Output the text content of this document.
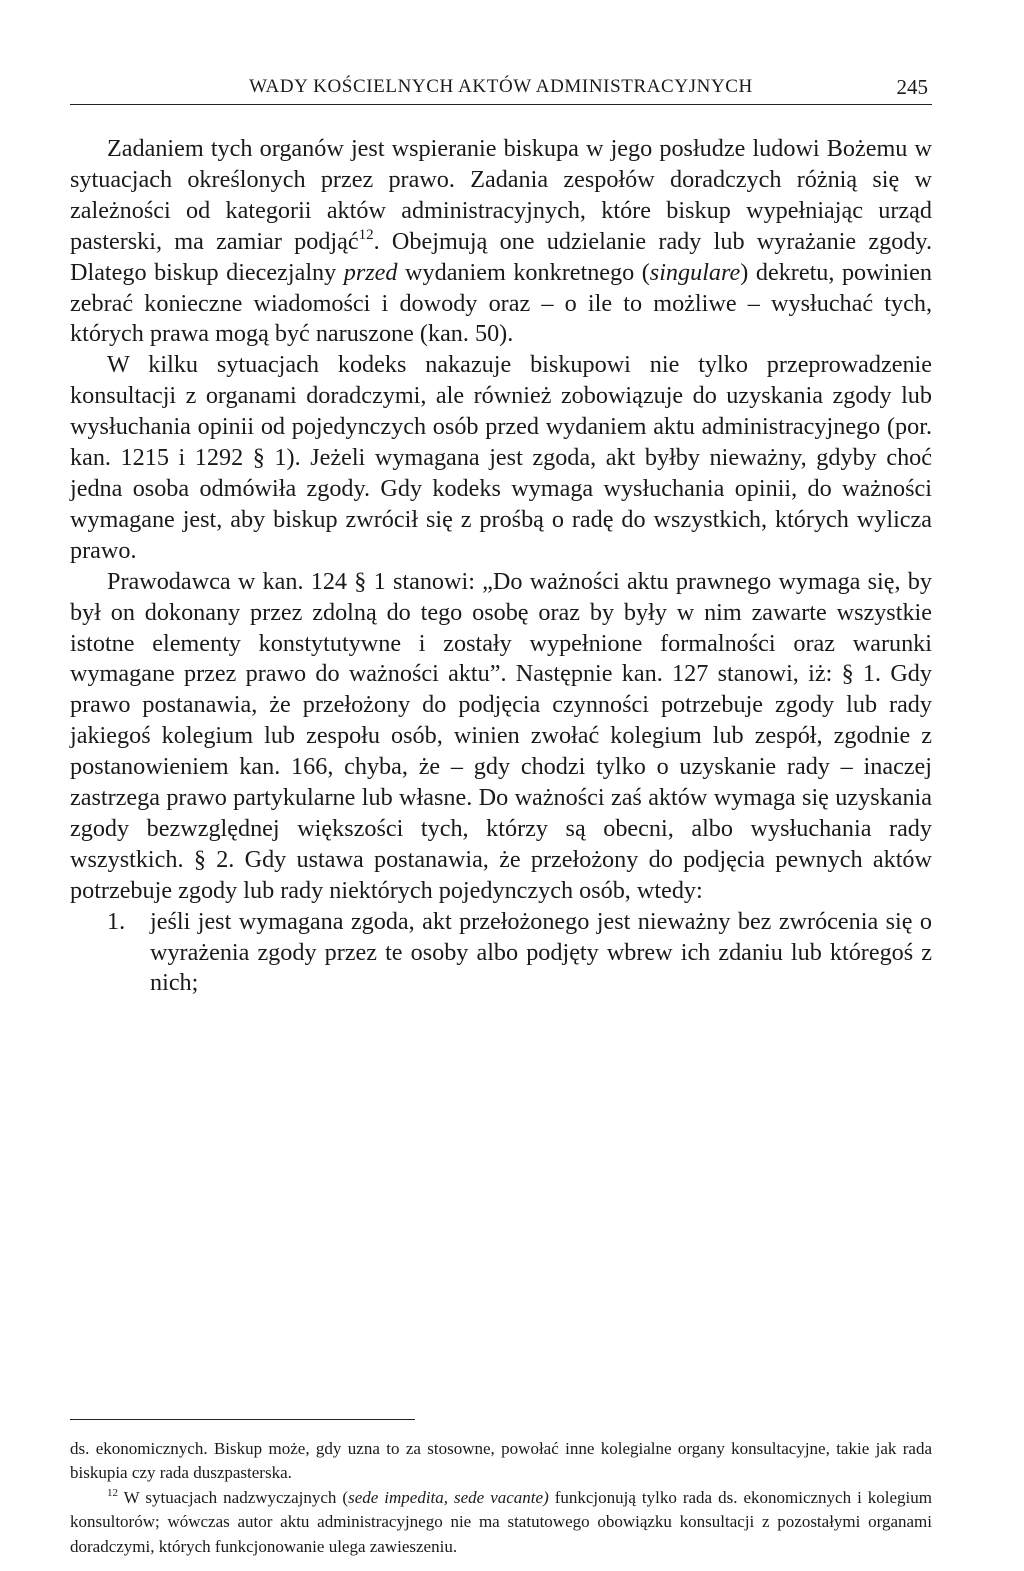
WADY KOŚCIELNYCH AKTÓW ADMINISTRACYJNYCH	245

Zadaniem tych organów jest wspieranie biskupa w jego posłudze ludowi Bożemu w sytuacjach określonych przez prawo. Zadania zespołów doradczych różnią się w zależności od kategorii aktów administracyjnych, które biskup wypełniając urząd pasterski, ma zamiar podjąć$^{12}$. Obejmują one udzielanie rady lub wyrażanie zgody. Dlatego biskup diecezjalny przed wydaniem konkretnego (singulare) dekretu, powinien zebrać konieczne wiadomości i dowody oraz – o ile to możliwe – wysłuchać tych, których prawa mogą być naruszone (kan. 50).

W kilku sytuacjach kodeks nakazuje biskupowi nie tylko przeprowadzenie konsultacji z organami doradczymi, ale również zobowiązuje do uzyskania zgody lub wysłuchania opinii od pojedynczych osób przed wydaniem aktu administracyjnego (por. kan. 1215 i 1292 § 1). Jeżeli wymagana jest zgoda, akt byłby nieważny, gdyby choć jedna osoba odmówiła zgody. Gdy kodeks wymaga wysłuchania opinii, do ważności wymagane jest, aby biskup zwrócił się z prośbą o radę do wszystkich, których wylicza prawo.

Prawodawca w kan. 124 § 1 stanowi: „Do ważności aktu prawnego wymaga się, by był on dokonany przez zdolną do tego osobę oraz by były w nim zawarte wszystkie istotne elementy konstytutywne i zostały wypełnione formalności oraz warunki wymagane przez prawo do ważności aktu”. Następnie kan. 127 stanowi, iż: § 1. Gdy prawo postanawia, że przełożony do podjęcia czynności potrzebuje zgody lub rady jakiegoś kolegium lub zespołu osób, winien zwołać kolegium lub zespół, zgodnie z postanowieniem kan. 166, chyba, że – gdy chodzi tylko o uzyskanie rady – inaczej zastrzega prawo partykularne lub własne. Do ważności zaś aktów wymaga się uzyskania zgody bezwzględnej większości tych, którzy są obecni, albo wysłuchania rady wszystkich. § 2. Gdy ustawa postanawia, że przełożony do podjęcia pewnych aktów potrzebuje zgody lub rady niektórych pojedynczych osób, wtedy:

1. jeśli jest wymagana zgoda, akt przełożonego jest nieważny bez zwrócenia się o wyrażenia zgody przez te osoby albo podjęty wbrew ich zdaniu lub któregoś z nich;

ds. ekonomicznych. Biskup może, gdy uzna to za stosowne, powołać inne kolegialne organy konsultacyjne, takie jak rada biskupia czy rada duszpasterska.

$^{12}$ W sytuacjach nadzwyczajnych (sede impedita, sede vacante) funkcjonują tylko rada ds. ekonomicznych i kolegium konsultorów; wówczas autor aktu administracyjnego nie ma statutowego obowiązku konsultacji z pozostałymi organami doradczymi, których funkcjonowanie ulega zawieszeniu.
